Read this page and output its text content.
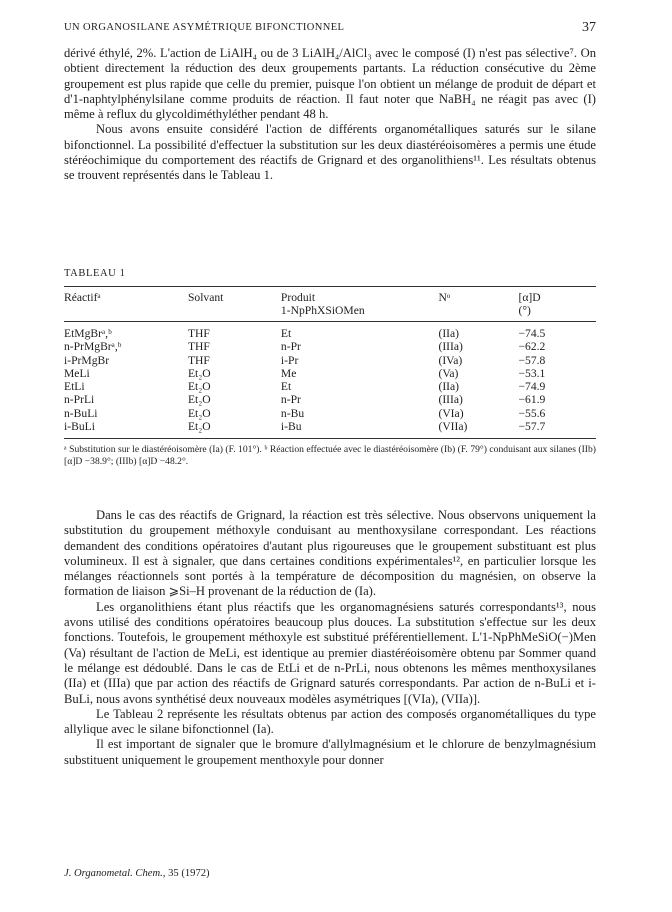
UN ORGANOSILANE ASYMÉTRIQUE BIFONCTIONNEL	37

dérivé éthylé, 2%. L'action de LiAlH₄ ou de 3 LiAlH₄/AlCl₃ avec le composé (I) n'est pas sélective⁷. On obtient directement la réduction des deux groupements partants. La réduction consécutive du 2ème groupement est plus rapide que celle du premier, puisque l'on obtient un mélange de produit de départ et d'1-naphtylphénylsilane comme produits de réaction. Il faut noter que NaBH₄ ne réagit pas avec (I) même à reflux du glycoldiméthyléther pendant 48 h.

Nous avons ensuite considéré l'action de différents organométalliques saturés sur le silane bifonctionnel. La possibilité d'effectuer la substitution sur les deux diastéréoisomères a permis une étude stéréochimique du comportement des réactifs de Grignard et des organolithiens¹¹. Les résultats obtenus se trouvent représentés dans le Tableau 1.

TABLEAU 1
Réactifᵃ	Solvant	Produit	Nᵒ	[α]D
		1-NpPhXSiOMen		(°)
EtMgBrᵃ,ᵇ	THF	Et	(IIa)	−74.5
n-PrMgBrᵃ,ᵇ	THF	n-Pr	(IIIa)	−62.2
i-PrMgBr	THF	i-Pr	(IVa)	−57.8
MeLi	Et₂O	Me	(Va)	−53.1
EtLi	Et₂O	Et	(IIa)	−74.9
n-PrLi	Et₂O	n-Pr	(IIIa)	−61.9
n-BuLi	Et₂O	n-Bu	(VIa)	−55.6
i-BuLi	Et₂O	i-Bu	(VIIa)	−57.7
ᵃ Substitution sur le diastéréoisomère (Ia) (F. 101°). ᵇ Réaction effectuée avec le diastéréoisomère (Ib) (F. 79°) conduisant aux silanes (IIb) [α]D −38.9°; (IIIb) [α]D −48.2°.

Dans le cas des réactifs de Grignard, la réaction est très sélective. Nous observons uniquement la substitution du groupement méthoxyle conduisant au menthoxysilane correspondant. Les réactions demandent des conditions opératoires d'autant plus rigoureuses que le groupement substituant est plus volumineux. Il est à signaler, que dans certaines conditions expérimentales¹², en particulier lorsque les mélanges réactionnels sont portés à la température de décomposition du magnésien, on observe la formation de liaison ⩾Si–H provenant de la réduction de (Ia).

Les organolithiens étant plus réactifs que les organomagnésiens saturés correspondants¹³, nous avons utilisé des conditions opératoires beaucoup plus douces. La substitution s'effectue sur les deux fonctions. Toutefois, le groupement méthoxyle est substitué préférentiellement. L'1-NpPhMeSiO(−)Men (Va) résultant de l'action de MeLi, est identique au premier diastéréoisomère obtenu par Sommer quand le mélange est dédoublé. Dans le cas de EtLi et de n-PrLi, nous obtenons les mêmes menthoxysilanes (IIa) et (IIIa) que par action des réactifs de Grignard saturés correspondants. Par action de n-BuLi et i-BuLi, nous avons synthétisé deux nouveaux modèles asymétriques [(VIa), (VIIa)].

Le Tableau 2 représente les résultats obtenus par action des composés organométalliques du type allylique avec le silane bifonctionnel (Ia).

Il est important de signaler que le bromure d'allylmagnésium et le chlorure de benzylmagnésium substituent uniquement le groupement menthoxyle pour donner

J. Organometal. Chem., 35 (1972)
